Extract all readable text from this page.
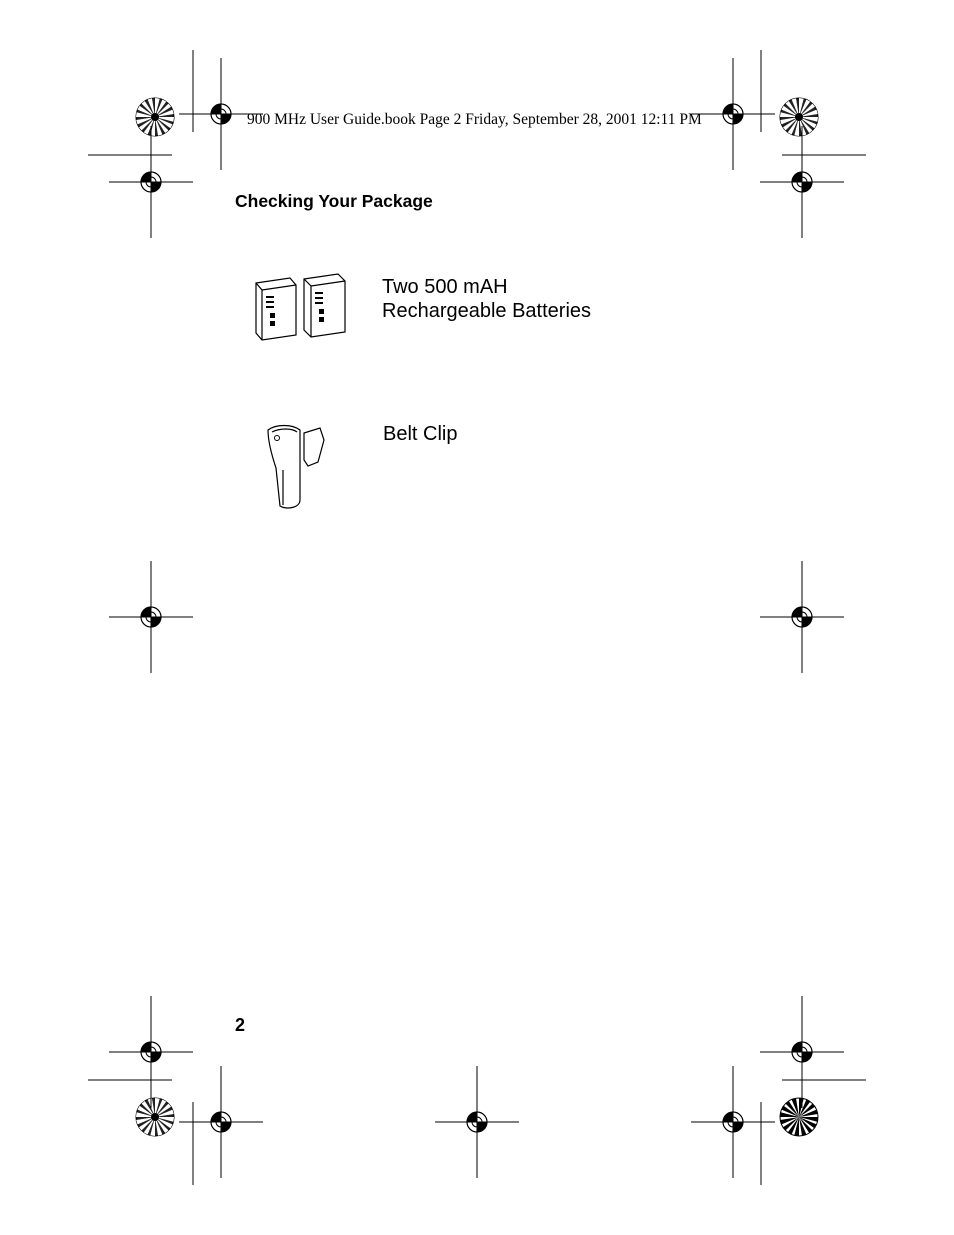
900 MHz User Guide.book Page 2 Friday, September 28, 2001 12:11 PM
Checking Your Package
Two 500 mAH
Rechargeable Batteries
Belt Clip
2
